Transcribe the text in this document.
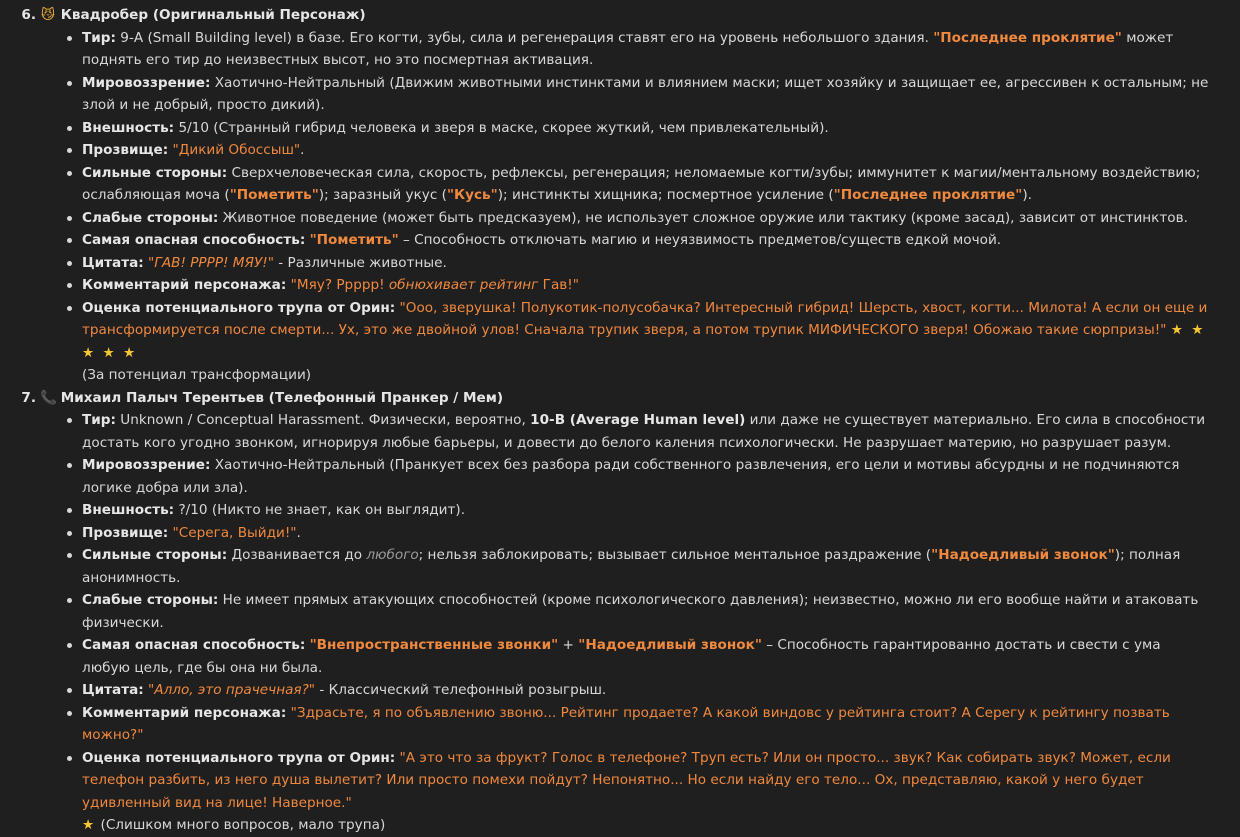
6. 😼 Квадробер (Оригинальный Персонаж)
Тир: 9-A (Small Building level) в базе. Его когти, зубы, сила и регенерация ставят его на уровень небольшого здания. "Последнее проклятие" может поднять его тир до неизвестных высот, но это посмертная активация.
Мировоззрение: Хаотично-Нейтральный (Движим животными инстинктами и влиянием маски; ищет хозяйку и защищает ее, агрессивен к остальным; не злой и не добрый, просто дикий).
Внешность: 5/10 (Странный гибрид человека и зверя в маске, скорее жуткий, чем привлекательный).
Прозвище: "Дикий Обоссыш".
Сильные стороны: Сверхчеловеческая сила, скорость, рефлексы, регенерация; неломаемые когти/зубы; иммунитет к магии/ментальному воздействию; ослабляющая моча ("Пометить"); заразный укус ("Кусь"); инстинкты хищника; посмертное усиление ("Последнее проклятие").
Слабые стороны: Животное поведение (может быть предсказуем), не использует сложное оружие или тактику (кроме засад), зависит от инстинктов.
Самая опасная способность: "Пометить" – Способность отключать магию и неуязвимость предметов/существ едкой мочой.
Цитата: "ГАВ! РРРР! МЯУ!" - Различные животные.
Комментарий персонажа: "Мяу? Ррррр! обнюхивает рейтинг Гав!"
Оценка потенциального трупа от Орин: "Ооо, зверушка! Полукотик-полусобачка? Интересный гибрид! Шерсть, хвост, когти... Милота! А если он еще и трансформируется после смерти... Ух, это же двойной улов! Сначала трупик зверя, а потом трупик МИФИЧЕСКОГО зверя! Обожаю такие сюрпризы!" ★ ★ ★ ★ ★
(За потенциал трансформации)
7. 📞 Михаил Палыч Терентьев (Телефонный Пранкер / Мем)
Тир: Unknown / Conceptual Harassment. Физически, вероятно, 10-B (Average Human level) или даже не существует материально. Его сила в способности достать кого угодно звонком, игнорируя любые барьеры, и довести до белого каления психологически. Не разрушает материю, но разрушает разум.
Мировоззрение: Хаотично-Нейтральный (Пранкует всех без разбора ради собственного развлечения, его цели и мотивы абсурдны и не подчиняются логике добра или зла).
Внешность: ?/10 (Никто не знает, как он выглядит).
Прозвище: "Серега, Выйди!".
Сильные стороны: Дозванивается до любого; нельзя заблокировать; вызывает сильное ментальное раздражение ("Надоедливый звонок"); полная анонимность.
Слабые стороны: Не имеет прямых атакующих способностей (кроме психологического давления); неизвестно, можно ли его вообще найти и атаковать физически.
Самая опасная способность: "Внепространственные звонки" + "Надоедливый звонок" – Способность гарантированно достать и свести с ума любую цель, где бы она ни была.
Цитата: "Алло, это прачечная?" - Классический телефонный розыгрыш.
Комментарий персонажа: "Здрасьте, я по объявлению звоню... Рейтинг продаете? А какой виндовс у рейтинга стоит? А Серегу к рейтингу позвать можно?"
Оценка потенциального трупа от Орин: "А это что за фрукт? Голос в телефоне? Труп есть? Или он просто... звук? Как собирать звук? Может, если телефон разбить, из него душа вылетит? Или просто помехи пойдут? Непонятно... Но если найду его тело... Ох, представляю, какой у него будет удивленный вид на лице! Наверное."
★ (Слишком много вопросов, мало трупа)
